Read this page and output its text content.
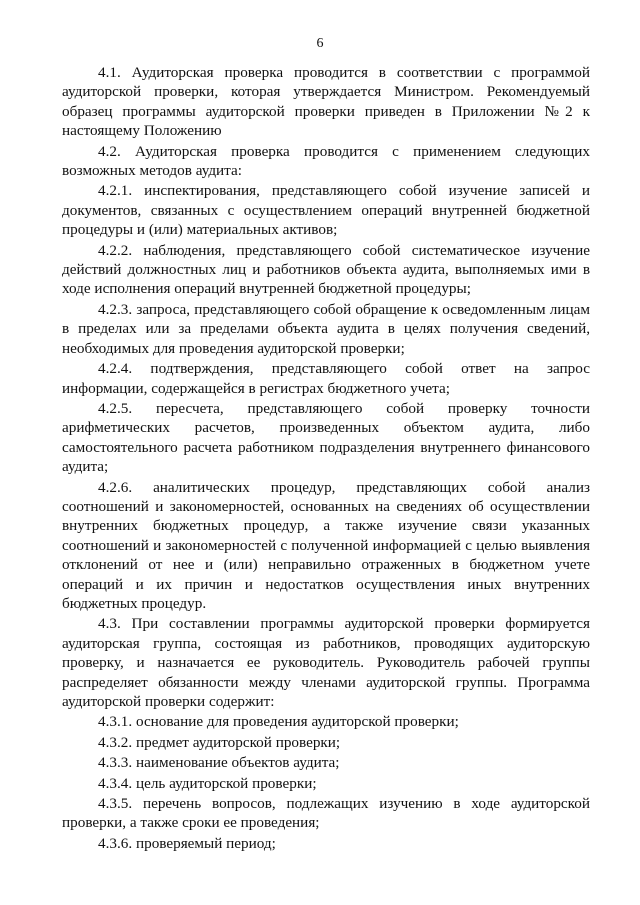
6

4.1. Аудиторская проверка проводится в соответствии с программой аудиторской проверки, которая утверждается Министром. Рекомендуемый образец программы аудиторской проверки приведен в Приложении №2 к настоящему Положению

4.2. Аудиторская проверка проводится с применением следующих возможных методов аудита:

4.2.1. инспектирования, представляющего собой изучение записей и документов, связанных с осуществлением операций внутренней бюджетной процедуры и (или) материальных активов;

4.2.2. наблюдения, представляющего собой систематическое изучение действий должностных лиц и работников объекта аудита, выполняемых ими в ходе исполнения операций внутренней бюджетной процедуры;

4.2.3. запроса, представляющего собой обращение к осведомленным лицам в пределах или за пределами объекта аудита в целях получения сведений, необходимых для проведения аудиторской проверки;

4.2.4. подтверждения, представляющего собой ответ на запрос информации, содержащейся в регистрах бюджетного учета;

4.2.5. пересчета, представляющего собой проверку точности арифметических расчетов, произведенных объектом аудита, либо самостоятельного расчета работником подразделения внутреннего финансового аудита;

4.2.6. аналитических процедур, представляющих собой анализ соотношений и закономерностей, основанных на сведениях об осуществлении внутренних бюджетных процедур, а также изучение связи указанных соотношений и закономерностей с полученной информацией с целью выявления отклонений от нее и (или) неправильно отраженных в бюджетном учете операций и их причин и недостатков осуществления иных внутренних бюджетных процедур.

4.3. При составлении программы аудиторской проверки формируется аудиторская группа, состоящая из работников, проводящих аудиторскую проверку, и назначается ее руководитель. Руководитель рабочей группы распределяет обязанности между членами аудиторской группы. Программа аудиторской проверки содержит:

4.3.1. основание для проведения аудиторской проверки;

4.3.2. предмет аудиторской проверки;

4.3.3. наименование объектов аудита;

4.3.4. цель аудиторской проверки;

4.3.5. перечень вопросов, подлежащих изучению в ходе аудиторской проверки, а также сроки ее проведения;

4.3.6. проверяемый период;
